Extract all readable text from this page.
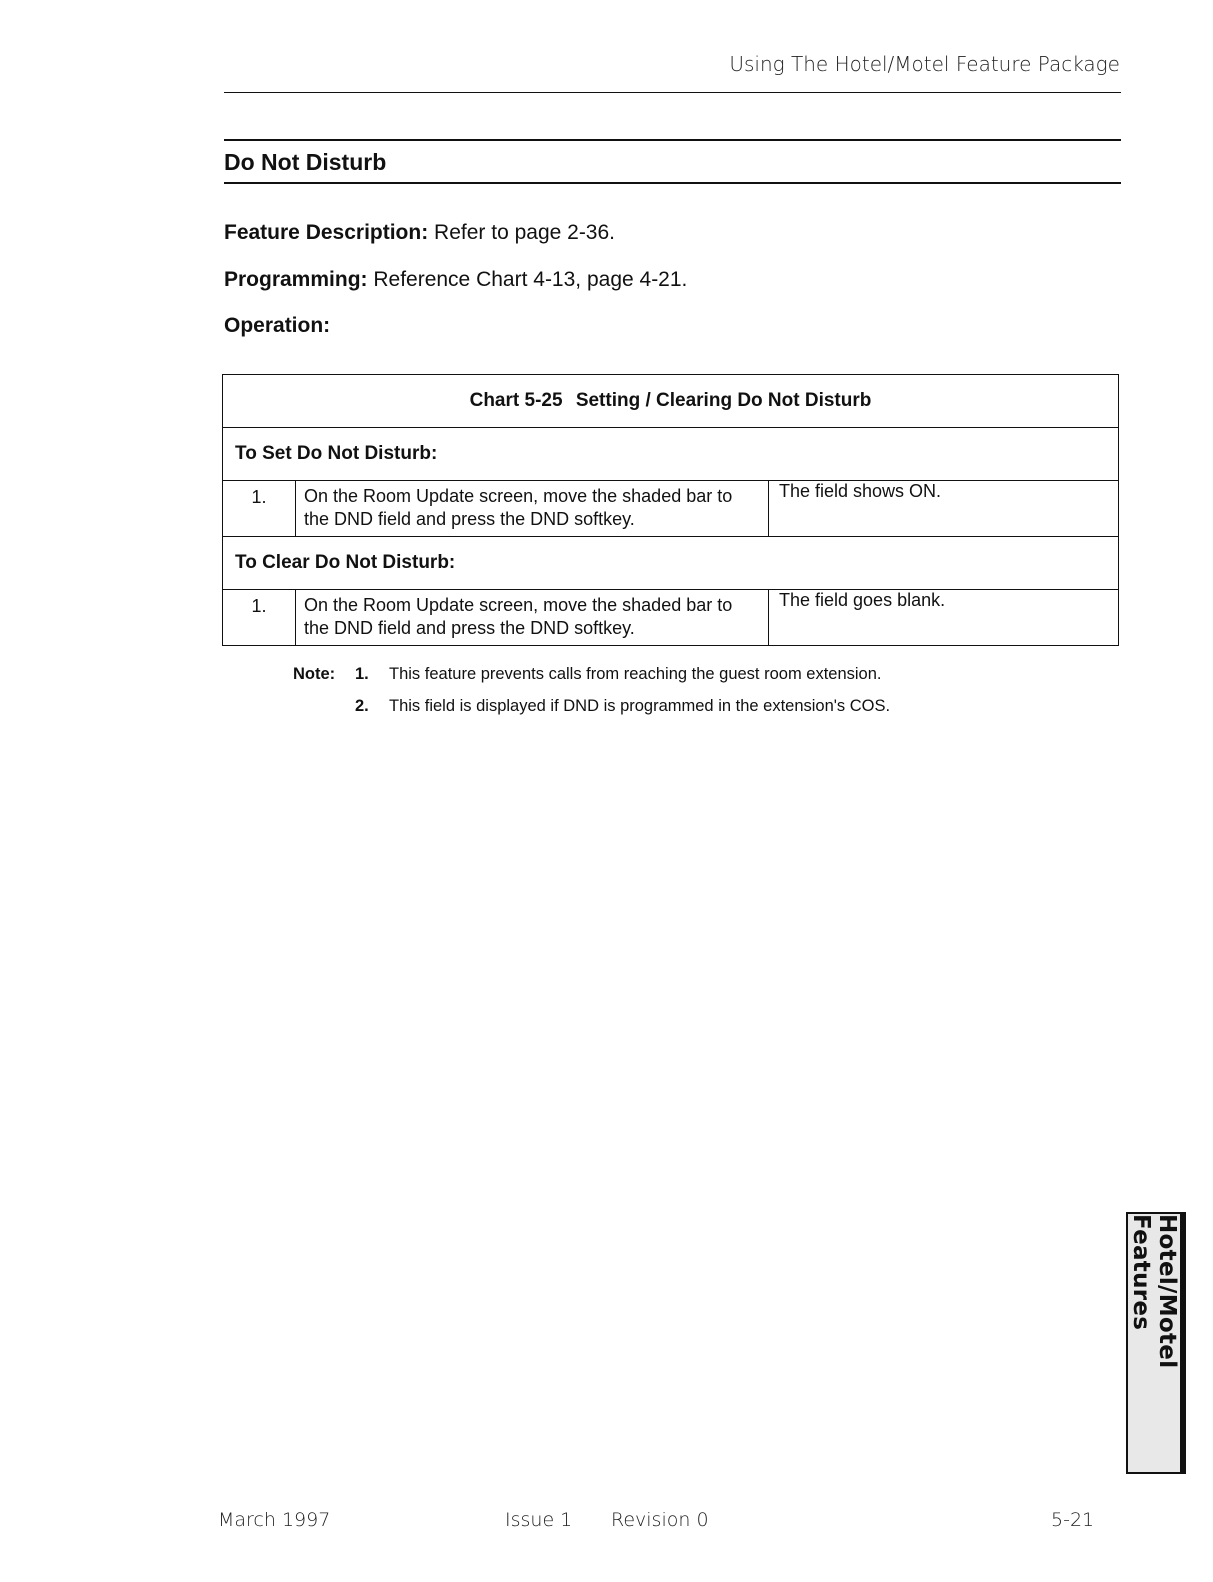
Using The Hotel/Motel Feature Package
Do Not Disturb
Feature Description: Refer to page 2-36.
Programming: Reference Chart 4-13, page 4-21.
Operation:
Chart 5-25 Setting / Clearing Do Not Disturb		
To Set Do Not Disturb:		
1.	On the Room Update screen, move the shaded bar to the DND field and press the DND softkey.	The field shows ON.
To Clear Do Not Disturb:		
1.	On the Room Update screen, move the shaded bar to the DND field and press the DND softkey.	The field goes blank.
Note:	1.	This feature prevents calls from reaching the guest room extension.
2.	This field is displayed if DND is programmed in the extension's COS.
Hotel/Motel Features
March 1997	Issue 1 Revision 0	5-21
